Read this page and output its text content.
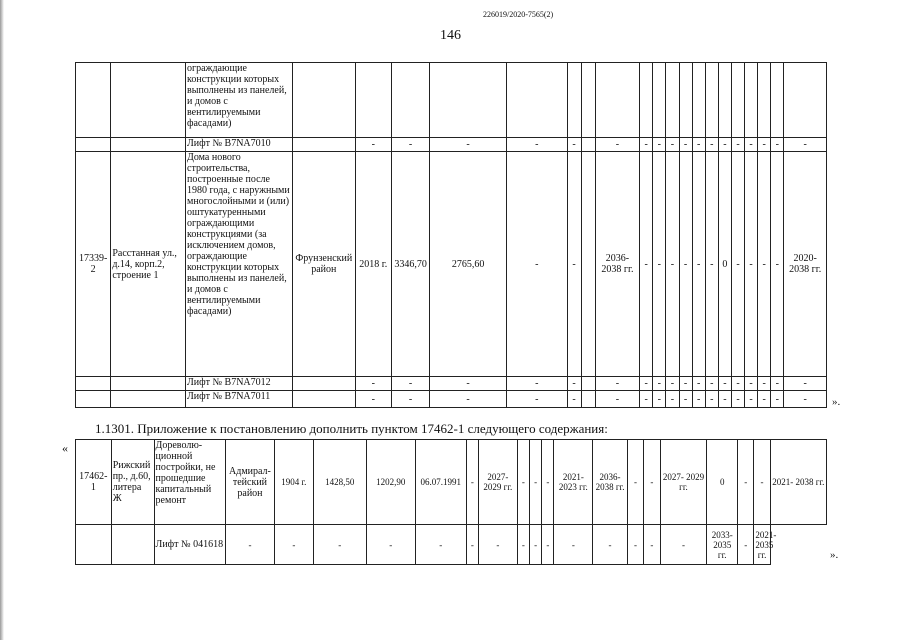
226019/2020-7565(2)
146
		ограждающие конструкции которых выполнены из панелей, и домов с вентилируемыми фасадами)																				
		Лифт № В7NA7010		-	-	-	-	-		-	-	-	-	-	-	-	-	-	-	-	-	-
17339-2	Расстанная ул., д.14, корп.2, строение 1	Дома нового строительства, построенные после 1980 года, с наружными многослойными и (или) оштукатуренными ограждающими конструкциями (за исключением домов, ограждающие конструкции которых выполнены из панелей, и домов с вентилируемыми фасадами)	Фрунзенский район	2018 г.	3346,70	2765,60	-	-		2036-2038 гг.	-	-	-	-	-	-	0	-	-	-	-	2020-2038 гг.
		Лифт № В7NA7012		-	-	-	-	-		-	-	-	-	-	-	-	-	-	-	-	-	-
		Лифт № В7NA7011		-	-	-	-	-		-	-	-	-	-	-	-	-	-	-	-	-	- ».
1.1301. Приложение к постановлению дополнить пунктом 17462-1 следующего содержания:
«
17462-1	Рижский пр., д.60, литера Ж	Дореволю- ционной постройки, не прошедшие капитальный ремонт	Адмирал- тейский район	1904 г.	1428,50	1202,90	06.07.1991	-	2027- 2029 гг.	-	-	-	2021- 2023 гг.	2036- 2038 гг.	-	-	2027- 2029 гг.	0	-	-	2021- 2038 гг.
		Лифт № 041618	-	-	-	-	-	-	-	-	-	-	-	-	-	-	-	2033- 2035 гг.	-	2021- 2035 гг.		».
